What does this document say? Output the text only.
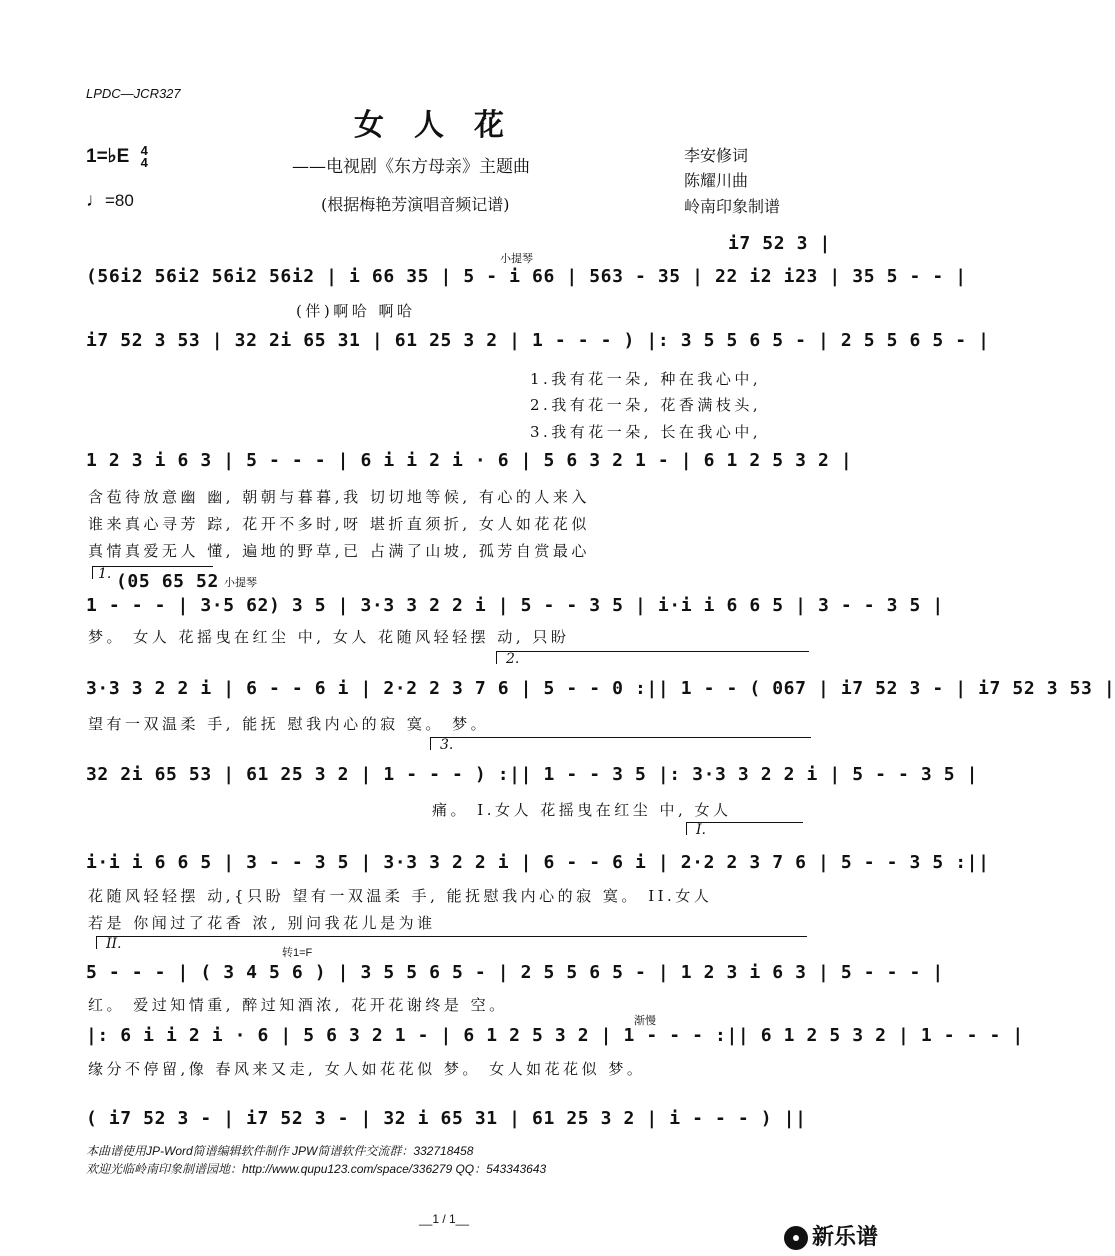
LPDC—JCR327
女人花
1=♭E 4
4
♩=80
——电视剧《东方母亲》主题曲
(根据梅艳芳演唱音频记谱)
李安修词
陈耀川曲
岭南印象制谱
i7 52 3 |
小提琴
(56i2 56i2 56i2 56i2 | i 66 35 | 5 - i 66 | 563 - 35 | 22 i2 i23 | 35 5 - - |
(伴)啊哈 啊哈
i7 52 3 53 | 32 2i 65 31 | 61 25 3 2 | 1 - - - ) |: 3 5 5 6 5 - | 2 5 5 6 5 - |
1.我有花一朵, 种在我心中,
2.我有花一朵, 花香满枝头,
3.我有花一朵, 长在我心中,
1 2 3 i 6 3 | 5 - - - | 6 i i 2 i · 6 | 5 6 3 2 1 - | 6 1 2 5 3 2 |
含苞待放意幽 幽, 朝朝与暮暮,我 切切地等候, 有心的人来入
谁来真心寻芳 踪, 花开不多时,呀 堪折直须折, 女人如花花似
真情真爱无人 懂, 遍地的野草,已 占满了山坡, 孤芳自赏最心
1. (05 65 52 小提琴
1 - - - | 3·5 62) 3 5 | 3·3 3 2 2 i | 5 - - 3 5 | i·i i 6 6 5 | 3 - - 3 5 |
梦。 女人 花摇曳在红尘 中, 女人 花随风轻轻摆 动, 只盼
2.
3·3 3 2 2 i | 6 - - 6 i | 2·2 2 3 7 6 | 5 - - 0 :|| 1 - - ( 067 | i7 52 3 - | i7 52 3 53 |
望有一双温柔 手, 能抚 慰我内心的寂 寞。 梦。
3.
32 2i 65 53 | 61 25 3 2 | 1 - - - ) :|| 1 - - 3 5 |: 3·3 3 2 2 i | 5 - - 3 5 |
痛。 I.女人 花摇曳在红尘 中, 女人
I.
i·i i 6 6 5 | 3 - - 3 5 | 3·3 3 2 2 i | 6 - - 6 i | 2·2 2 3 7 6 | 5 - - 3 5 :||
花随风轻轻摆 动,{只盼 望有一双温柔 手, 能抚慰我内心的寂 寞。 II.女人
若是 你闻过了花香 浓, 别问我花儿是为谁
II.
转1=F
5 - - - | ( 3 4 5 6 ) | 3 5 5 6 5 - | 2 5 5 6 5 - | 1 2 3 i 6 3 | 5 - - - |
红。 爱过知情重, 醉过知酒浓, 花开花谢终是 空。
渐慢
|: 6 i i 2 i · 6 | 5 6 3 2 1 - | 6 1 2 5 3 2 | 1 - - - :|| 6 1 2 5 3 2 | 1 - - - |
缘分不停留,像 春风来又走, 女人如花花似 梦。 女人如花花似 梦。
( i7 52 3 - | i7 52 3 - | 32 i 65 31 | 61 25 3 2 | i - - - ) ||
本曲谱使用JP-Word简谱编辑软件制作 JPW简谱软件交流群：332718458
欢迎光临岭南印象制谱园地：http://www.qupu123.com/space/336279 QQ：543343643
__1 / 1__
新乐谱
